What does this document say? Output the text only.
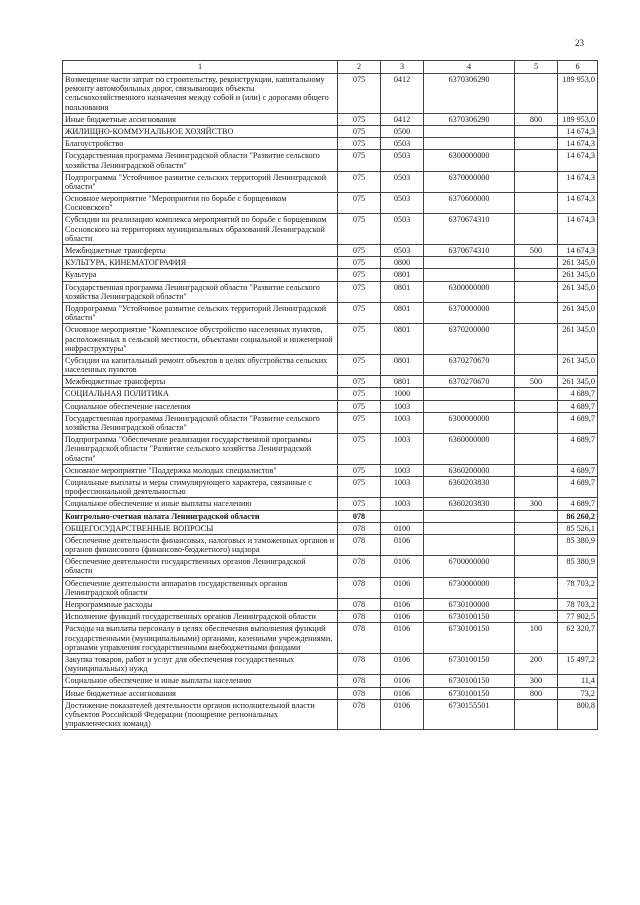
23
1	2	3	4	5	6
Возмещение части затрат по строительству, реконструкции, капитальному ремонту автомобильных дорог, связывающих объекты сельскохозяйственного назначения между собой и (или) с дорогами общего пользования	075	0412	6370306290		189 953,0
Иные бюджетные ассигнования	075	0412	6370306290	800	189 953,0
ЖИЛИЩНО-КОММУНАЛЬНОЕ ХОЗЯЙСТВО	075	0500			14 674,3
Благоустройство	075	0503			14 674,3
Государственная программа Ленинградской области "Развитие сельского хозяйства Ленинградской области"	075	0503	6300000000		14 674,3
Подпрограмма "Устойчивое развитие сельских территорий Ленинградской области"	075	0503	6370000000		14 674,3
Основное мероприятие "Мероприятия по борьбе с борщевиком Сосновского"	075	0503	6370600000		14 674,3
Субсидии на реализацию комплекса мероприятий по борьбе с борщевиком Сосновского на территориях муниципальных образований Ленинградской области	075	0503	6370674310		14 674,3
Межбюджетные трансферты	075	0503	6370674310	500	14 674,3
КУЛЬТУРА, КИНЕМАТОГРАФИЯ	075	0800			261 345,0
Культура	075	0801			261 345,0
Государственная программа Ленинградской области "Развитие сельского хозяйства Ленинградской области"	075	0801	6300000000		261 345,0
Подпрограмма "Устойчивое развитие сельских территорий Ленинградской области"	075	0801	6370000000		261 345,0
Основное мероприятие "Комплексное обустройство населенных пунктов, расположенных в сельской местности, объектами социальной и инженерной инфраструктуры"	075	0801	6370200000		261 345,0
Субсидии на капитальный ремонт объектов в целях обустройства сельских населенных пунктов	075	0801	6370270670		261 345,0
Межбюджетные трансферты	075	0801	6370270670	500	261 345,0
СОЦИАЛЬНАЯ ПОЛИТИКА	075	1000			4 689,7
Социальное обеспечение населения	075	1003			4 689,7
Государственная программа Ленинградской области "Развитие сельского хозяйства Ленинградской области"	075	1003	6300000000		4 689,7
Подпрограмма "Обеспечение реализации государственной программы Ленинградской области "Развитие сельского хозяйства Ленинградской области"	075	1003	6360000000		4 689,7
Основное мероприятие "Поддержка молодых специалистов"	075	1003	6360200000		4 689,7
Социальные выплаты и меры стимулирующего характера, связанные с профессиональной деятельностью	075	1003	6360203830		4 689,7
Социальное обеспечение и иные выплаты населению	075	1003	6360203830	300	4 689,7
Контрольно-счетная палата Ленинградской области	078				86 260,2
ОБЩЕГОСУДАРСТВЕННЫЕ ВОПРОСЫ	078	0100			85 526,1
Обеспечение деятельности финансовых, налоговых и таможенных органов и органов финансового (финансово-бюджетного) надзора	078	0106			85 380,9
Обеспечение деятельности государственных органов Ленинградской области	078	0106	6700000000		85 380,9
Обеспечение деятельности аппаратов государственных органов Ленинградской области	078	0106	6730000000		78 703,2
Непрограммные расходы	078	0106	6730100000		78 703,2
Исполнение функций государственных органов Ленинградской области	078	0106	6730100150		77 902,5
Расходы на выплаты персоналу в целях обеспечения выполнения функций государственными (муниципальными) органами, казенными учреждениями, органами управления государственными внебюджетными фондами	078	0106	6730100150	100	62 320,7
Закупка товаров, работ и услуг для обеспечения государственных (муниципальных) нужд	078	0106	6730100150	200	15 497,2
Социальное обеспечение и иные выплаты населению	078	0106	6730100150	300	11,4
Иные бюджетные ассигнования	078	0106	6730100150	800	73,2
Достижение показателей деятельности органов исполнительной власти субъектов Российской Федерации (поощрение региональных управленческих команд)	078	0106	6730155501		800,8
